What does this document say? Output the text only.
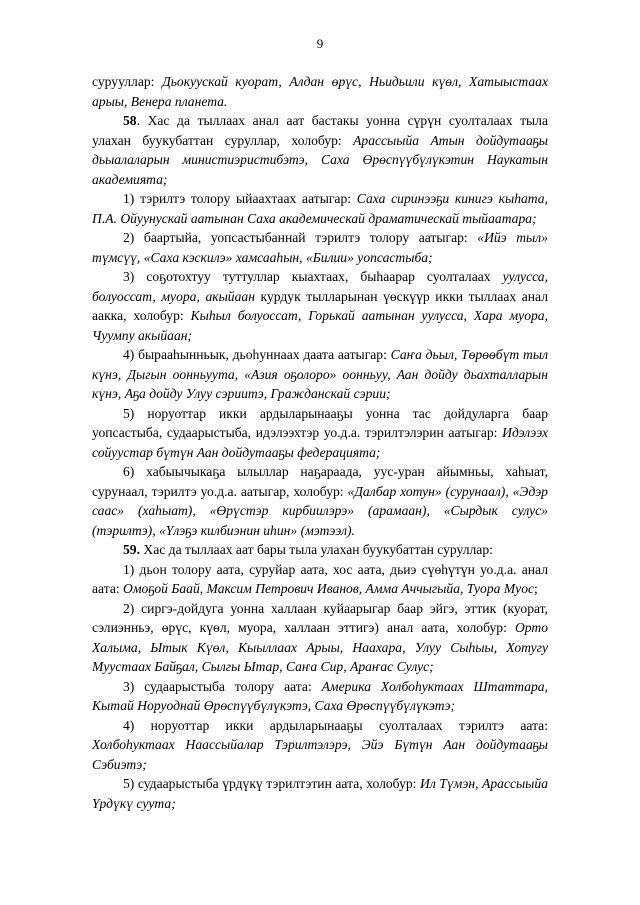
9

сурууллар: Дьокуускай куорат, Алдан өрүс, Ньидьили күөл, Хатыыстаах арыы, Венера планета.

58. Хас да тыллаах анал аат бастакы уонна сүрүн суолталаах тыла улахан буукубаттан суруллар, холобур: Арассыыйа Атын дойдутааҕы дьыалаларын министиэристибэтэ, Саха Өрөспүүбүлүкэтин Наукатын академията;

1) тэрилтэ толору ыйааxтаах аатыгар: Саха сиринээҕи кинигэ кыһата, П.А. Ойуунускай аатынан Саха академическай драматическай тыйаатара;

2) баартыйа, уопсастыбаннай тэрилтэ толору аатыгар: «Ийэ тыл» түмсүү, «Саха кэскилэ» хамсааһын, «Билии» уопсастыба;

3) соҕотохтуу туттуллар кыахтаах, быһаарар суолталаах уулусса, болуоссат, муора, акыйаан курдук тылларынан үөскүүр икки тыллаах анал аакка, холобур: Кыһыл болуоссат, Горькай аатынан уулусса, Хара муора, Чуумпу акыйаан;

4) бырааһынньык, дьоһуннаах даата аатыгар: Саҥа дьыл, Төрөөбүт тыл күнэ, Дыгын оонньуута, «Азия оҕолоро» оонньуу, Аан дойду дьахталларын күнэ, Аҕа дойду Улуу сэриитэ, Гражданскай сэрии;

5) норуоттар икки ардыларынааҕы уонна тас дойдуларга баар уопсастыба, судаарыстыба, идэлээхтэр уо.д.а. тэрилтэлэрин аатыгар: Идэлээх сойуустар бүтүн Аан дойдутааҕы федерацията;

6) хабыычыкаҕа ылыллар наҕараада, уус-уран айымньы, хаһыат, сурунаал, тэрилтэ уо.д.а. аатыгар, холобур: «Далбар хотун» (сурунаал), «Эдэр саас» (хаһыат), «Өрүстэр кирбиилэрэ» (арамаан), «Сырдык сулус» (тэрилтэ), «Үлэҕэ килбиэнин иһин» (мэтээл).

59. Хас да тыллаах аат бары тыла улахан буукубаттан суруллар:

1) дьон толору аата, суруйар аата, хос аата, дьиэ сүөһүтүн уо.д.а. анал аата: Омоҕой Баай, Максим Петрович Иванов, Амма Аччыгыйа, Туора Муос;

2) сиргэ-дойдуга уонна халлаан куйаарыгар баар эйгэ, эттик (куорат, сэлиэнньэ, өрүс, күөл, муора, халлаан эттигэ) анал аата, холобур: Орто Халыма, Ытык Күөл, Кыыллаах Арыы, Наахара, Улуу Сыһыы, Хотугу Муустаах Байҕал, Сылгы Ытар, Саҥа Сир, Араҥас Сулус;

3) судаарыстыба толору аата: Америка Холбоһуктаах Штаттара, Кытай Норуоднай Өрөспүүбүлүкэтэ, Саха Өрөспүүбүлүкэтэ;

4) норуоттар икки ардыларынааҕы суолталаах тэрилтэ аата: Холбоһуктаах Наассыйалар Тэрилтэлэрэ, Эйэ Бүтүн Аан дойдутааҕы Сэбиэтэ;

5) судаарыстыба үрдүкү тэрилтэтин аата, холобур: Ил Түмэн, Арассыыйа Үрдүкү суута;
